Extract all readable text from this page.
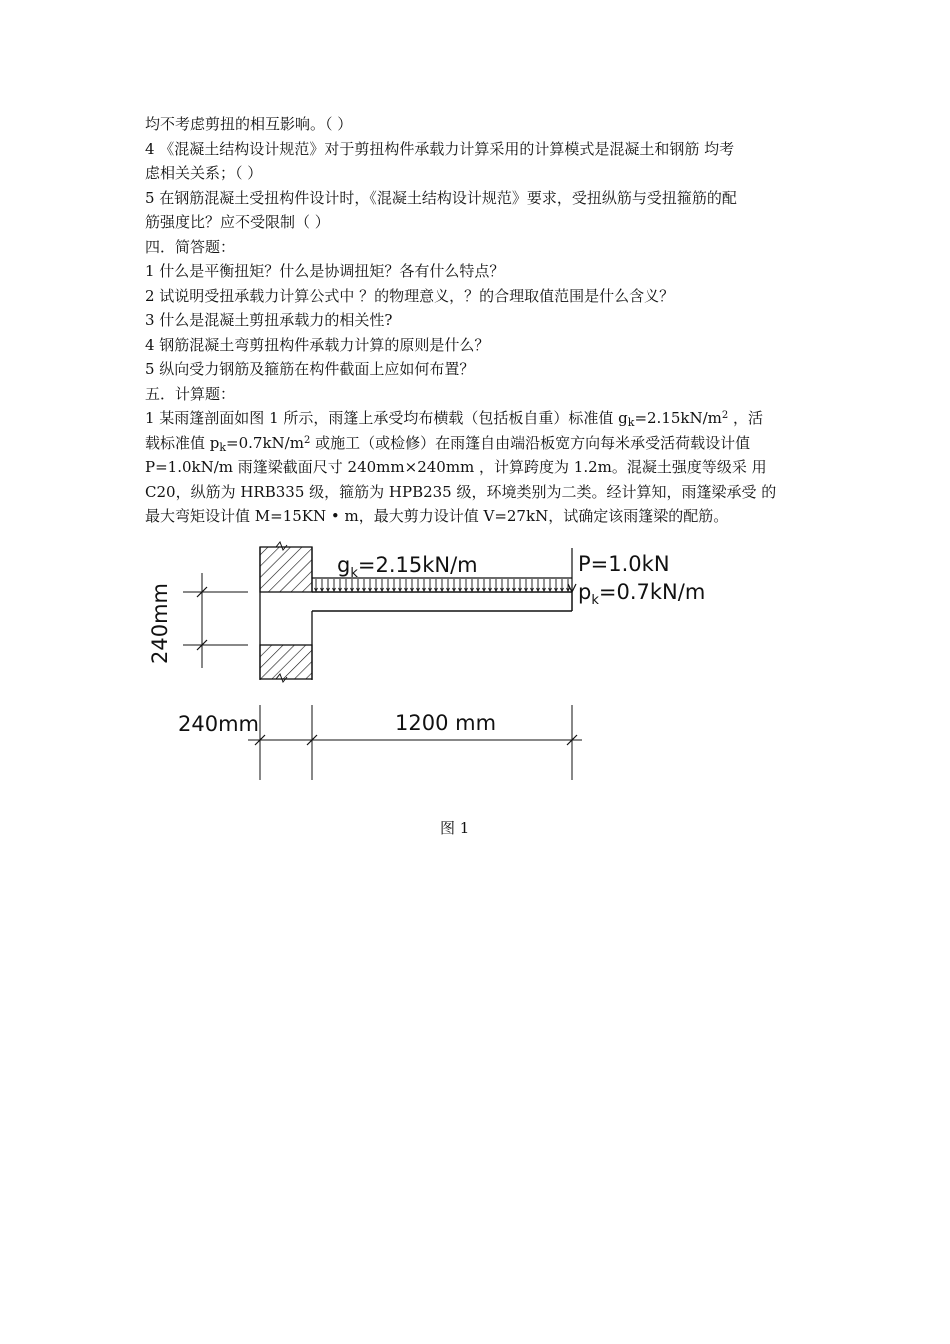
均不考虑剪扭的相互影响。（ ）
4 《混凝土结构设计规范》对于剪扭构件承载力计算采用的计算模式是混凝土和钢筋 均考
虑相关关系；（ ）
5 在钢筋混凝土受扭构件设计时，《混凝土结构设计规范》要求，受扭纵筋与受扭箍筋的配
筋强度比？应不受限制（ ）
四．简答题：
1 什么是平衡扭矩？什么是协调扭矩？各有什么特点？
2 试说明受扭承载力计算公式中 ？的物理意义，？的合理取值范围是什么含义？
3 什么是混凝土剪扭承载力的相关性?
4 钢筋混凝土弯剪扭构件承载力计算的原则是什么？
5 纵向受力钢筋及箍筋在构件截面上应如何布置？
五．计算题：
1 某雨篷剖面如图 1 所示，雨篷上承受均布横载（包括板自重）标准值 $g_k=2.15kN/m^2$ ，活
载标准值 $p_k=0.7kN/m^2$ 或施工（或检修）在雨篷自由端沿板宽方向每米承受活荷载设计值
P=1.0kN/m 雨篷梁截面尺寸 240mm×240mm ，计算跨度为 1.2m。混凝土强度等级采 用
C20，纵筋为 HRB335 级，箍筋为 HPB235 级，环境类别为二类。经计算知，雨篷梁承受 的
最大弯矩设计值 M=15KN • m，最大剪力设计值 V=27kN，试确定该雨篷梁的配筋。
$g_k=2.15kN/m$	P=1.0kN
$p_k=0.7kN/m$
240mm
240mm	1200 mm
图 1
